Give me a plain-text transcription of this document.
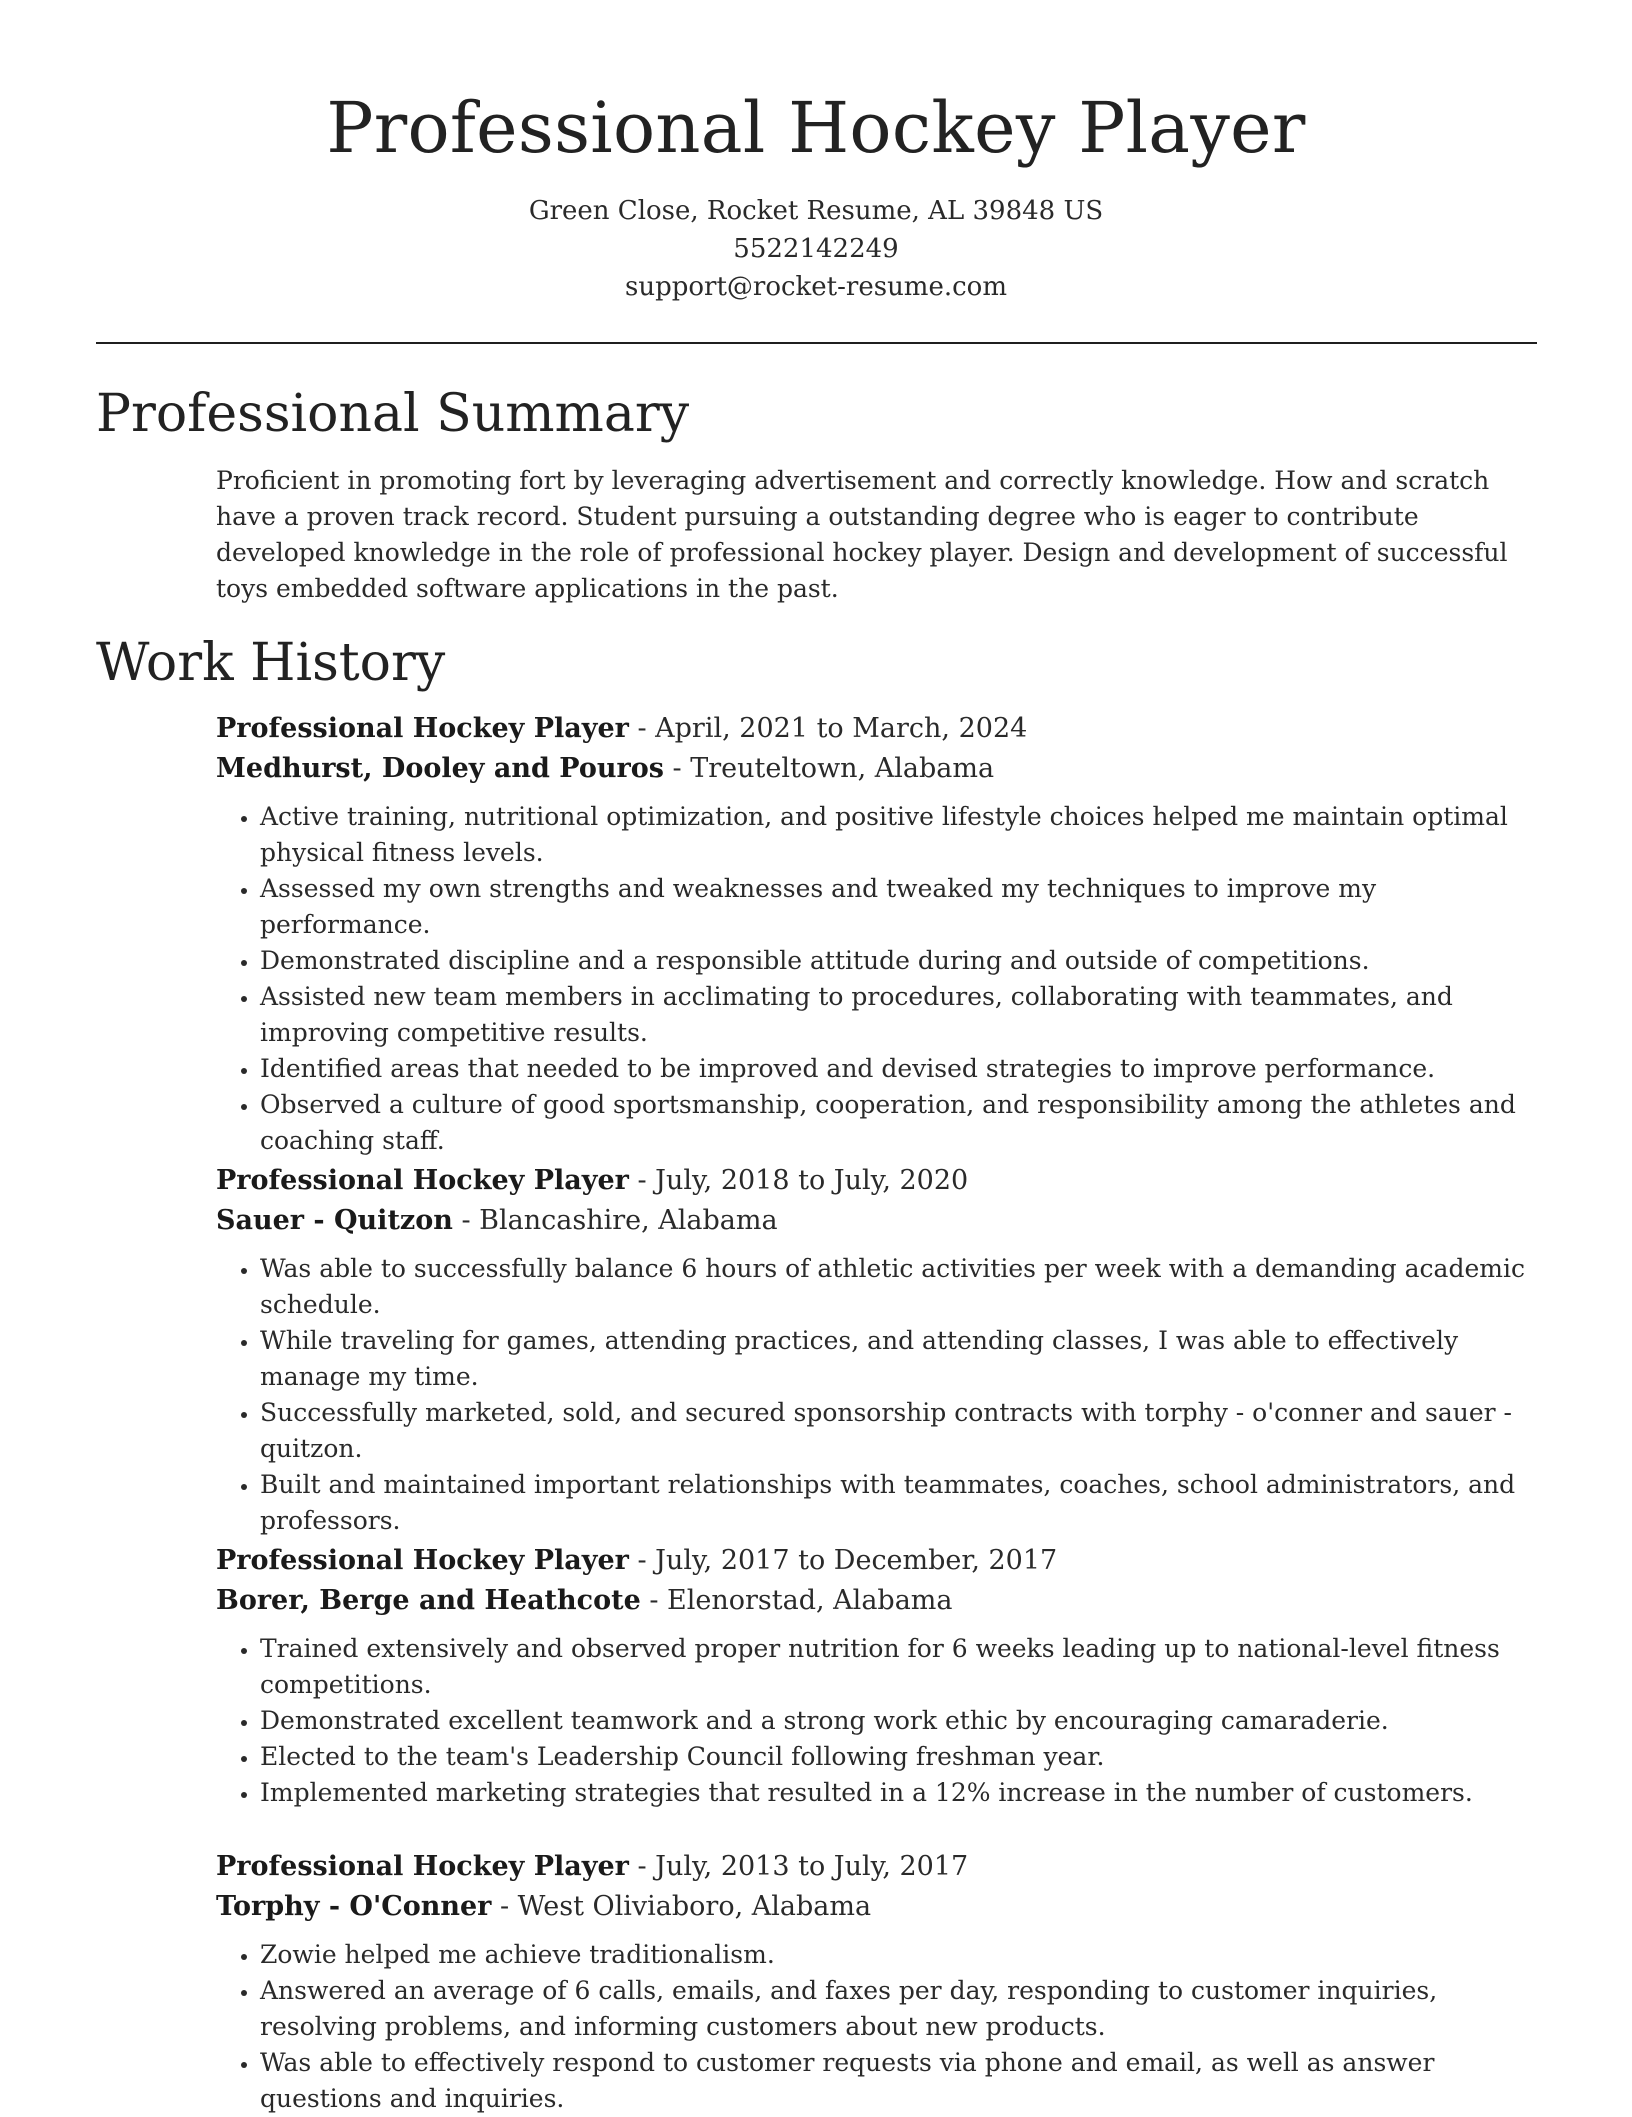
Professional Hockey Player
Green Close, Rocket Resume, AL 39848 US
5522142249
support@rocket-resume.com
Professional Summary

Proficient in promoting fort by leveraging advertisement and correctly knowledge. How and scratch have a proven track record. Student pursuing a outstanding degree who is eager to contribute developed knowledge in the role of professional hockey player. Design and development of successful toys embedded software applications in the past.

Work History
Professional Hockey Player - April, 2021 to March, 2024
Medhurst, Dooley and Pouros - Treuteltown, Alabama
• Active training, nutritional optimization, and positive lifestyle choices helped me maintain optimal physical fitness levels.
• Assessed my own strengths and weaknesses and tweaked my techniques to improve my performance.
• Demonstrated discipline and a responsible attitude during and outside of competitions.
• Assisted new team members in acclimating to procedures, collaborating with teammates, and improving competitive results.
• Identified areas that needed to be improved and devised strategies to improve performance.
• Observed a culture of good sportsmanship, cooperation, and responsibility among the athletes and coaching staff.
Professional Hockey Player - July, 2018 to July, 2020
Sauer - Quitzon - Blancashire, Alabama
• Was able to successfully balance 6 hours of athletic activities per week with a demanding academic schedule.
• While traveling for games, attending practices, and attending classes, I was able to effectively manage my time.
• Successfully marketed, sold, and secured sponsorship contracts with torphy - o'conner and sauer - quitzon.
• Built and maintained important relationships with teammates, coaches, school administrators, and professors.
Professional Hockey Player - July, 2017 to December, 2017
Borer, Berge and Heathcote - Elenorstad, Alabama
• Trained extensively and observed proper nutrition for 6 weeks leading up to national-level fitness competitions.
• Demonstrated excellent teamwork and a strong work ethic by encouraging camaraderie.
• Elected to the team's Leadership Council following freshman year.
• Implemented marketing strategies that resulted in a 12% increase in the number of customers.
Professional Hockey Player - July, 2013 to July, 2017
Torphy - O'Conner - West Oliviaboro, Alabama
• Zowie helped me achieve traditionalism.
• Answered an average of 6 calls, emails, and faxes per day, responding to customer inquiries, resolving problems, and informing customers about new products.
• Was able to effectively respond to customer requests via phone and email, as well as answer questions and inquiries.
